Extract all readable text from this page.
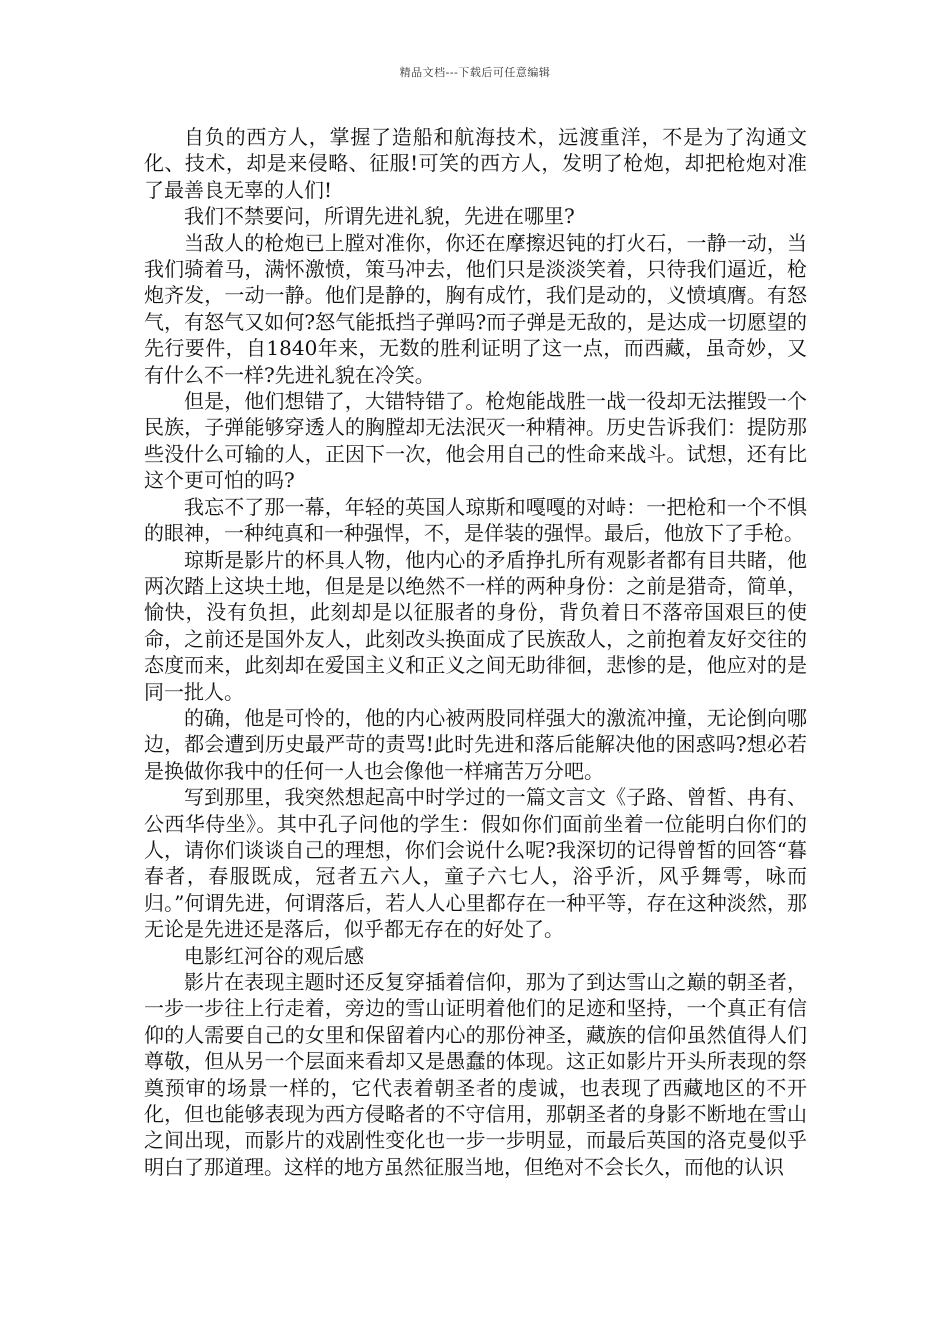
精品文档---下载后可任意编辑

自负的西方人，掌握了造船和航海技术，远渡重洋，不是为了沟通文化、技术，却是来侵略、征服!可笑的西方人，发明了枪炮，却把枪炮对准了最善良无辜的人们!

我们不禁要问，所谓先进礼貌，先进在哪里?

当敌人的枪炮已上膛对准你，你还在摩擦迟钝的打火石，一静一动，当我们骑着马，满怀激愤，策马冲去，他们只是淡淡笑着，只待我们逼近，枪炮齐发，一动一静。他们是静的，胸有成竹，我们是动的，义愤填膺。有怒气，有怒气又如何?怒气能抵挡子弹吗?而子弹是无敌的，是达成一切愿望的先行要件，自1840年来，无数的胜利证明了这一点，而西藏，虽奇妙，又有什么不一样?先进礼貌在冷笑。

但是，他们想错了，大错特错了。枪炮能战胜一战一役却无法摧毁一个民族，子弹能够穿透人的胸膛却无法泯灭一种精神。历史告诉我们：提防那些没什么可输的人，正因下一次，他会用自己的性命来战斗。试想，还有比这个更可怕的吗?

我忘不了那一幕，年轻的英国人琼斯和嘎嘎的对峙：一把枪和一个不惧的眼神，一种纯真和一种强悍，不，是佯装的强悍。最后，他放下了手枪。

琼斯是影片的杯具人物，他内心的矛盾挣扎所有观影者都有目共睹，他两次踏上这块土地，但是是以绝然不一样的两种身份：之前是猎奇，简单，愉快，没有负担，此刻却是以征服者的身份，背负着日不落帝国艰巨的使命，之前还是国外友人，此刻改头换面成了民族敌人，之前抱着友好交往的态度而来，此刻却在爱国主义和正义之间无助徘徊，悲惨的是，他应对的是同一批人。

的确，他是可怜的，他的内心被两股同样强大的激流冲撞，无论倒向哪边，都会遭到历史最严苛的责骂!此时先进和落后能解决他的困惑吗?想必若是换做你我中的任何一人也会像他一样痛苦万分吧。

写到那里，我突然想起高中时学过的一篇文言文《子路、曾皙、冉有、公西华侍坐》。其中孔子问他的学生：假如你们面前坐着一位能明白你们的人，请你们谈谈自己的理想，你们会说什么呢?我深切的记得曾皙的回答“暮春者，春服既成，冠者五六人，童子六七人，浴乎沂，风乎舞雩，咏而归。”何谓先进，何谓落后，若人人心里都存在一种平等，存在这种淡然，那无论是先进还是落后，似乎都无存在的好处了。

电影红河谷的观后感

影片在表现主题时还反复穿插着信仰，那为了到达雪山之巅的朝圣者，一步一步往上行走着，旁边的雪山证明着他们的足迹和坚持，一个真正有信仰的人需要自己的女里和保留着内心的那份神圣，藏族的信仰虽然值得人们尊敬，但从另一个层面来看却又是愚蠢的体现。这正如影片开头所表现的祭奠预审的场景一样的，它代表着朝圣者的虔诚，也表现了西藏地区的不开化，但也能够表现为西方侵略者的不守信用，那朝圣者的身影不断地在雪山之间出现，而影片的戏剧性变化也一步一步明显，而最后英国的洛克曼似乎明白了那道理。这样的地方虽然征服当地，但绝对不会长久，而他的认识
